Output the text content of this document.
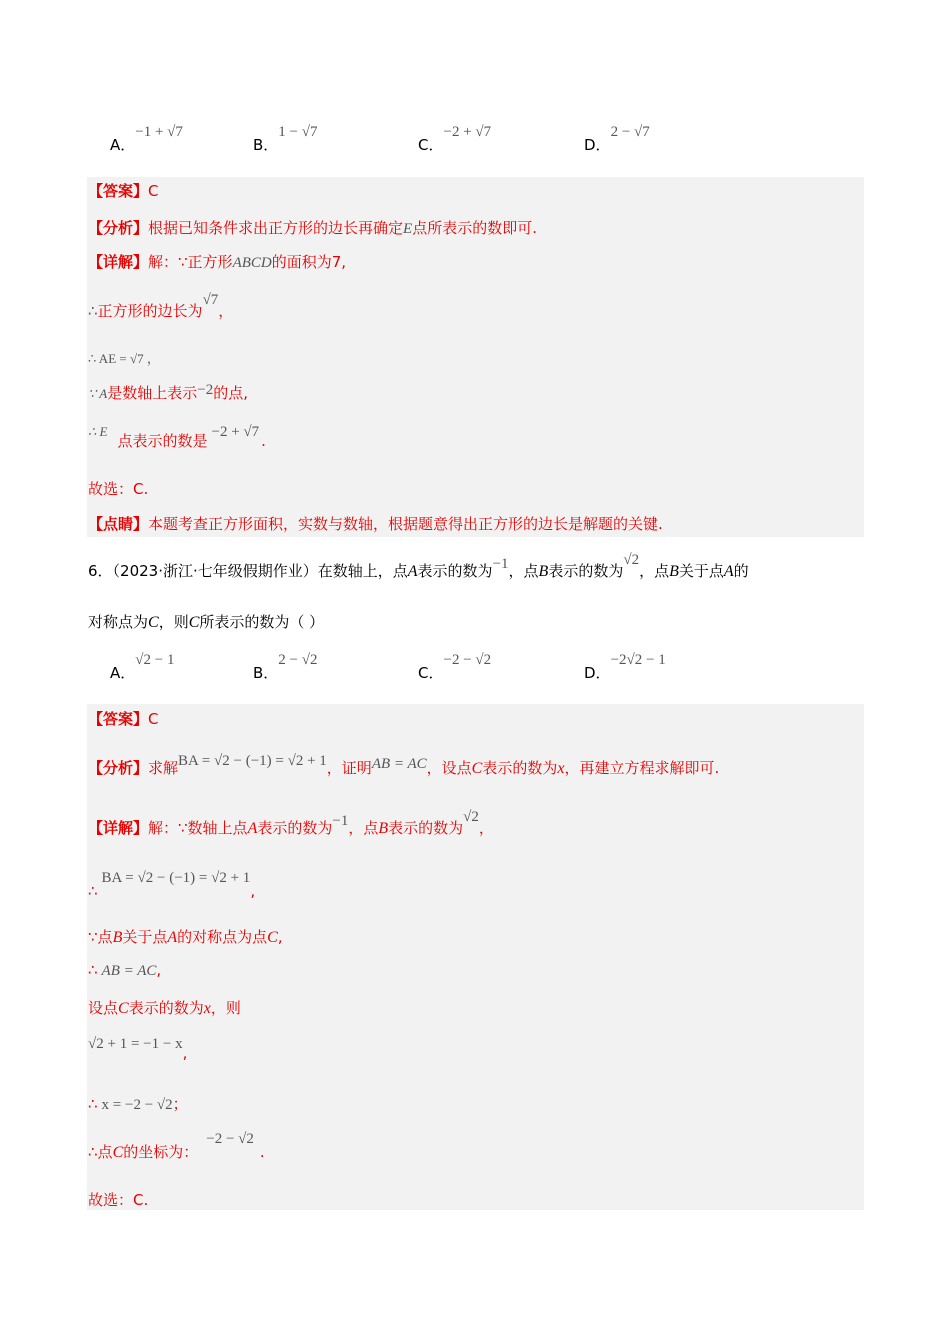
A．−1 + √7
B．1 − √7
C．−2 + √7
D．2 − √7
【答案】C
【分析】根据已知条件求出正方形的边长再确定E点所表示的数即可.
【详解】解：∵正方形ABCD的面积为7,
∴正方形的边长为√7，
∴ AE = √7 ，
∵ A是数轴上表示−2的点,
∴ E点表示的数是 −2 + √7 .
故选：C.
【点睛】本题考查正方形面积，实数与数轴，根据题意得出正方形的边长是解题的关键.
6．（2023·浙江·七年级假期作业）在数轴上，点A表示的数为−1，点B表示的数为√2，点B关于点A的
对称点为C，则C所表示的数为（ ）
A．√2 − 1
B．2 − √2
C．−2 − √2
D．−2√2 − 1
【答案】C
【分析】求解BA = √2 − (−1) = √2 + 1，证明AB = AC，设点C表示的数为x，再建立方程求解即可.
【详解】解：∵数轴上点A表示的数为−1，点B表示的数为√2，
∴BA = √2 − (−1) = √2 + 1,
∵点B关于点A的对称点为点C,
∴ AB = AC,
设点C表示的数为x，则
√2 + 1 = −1 − x,
∴ x = −2 − √2；
∴点C的坐标为：−2 − √2.
故选：C.
